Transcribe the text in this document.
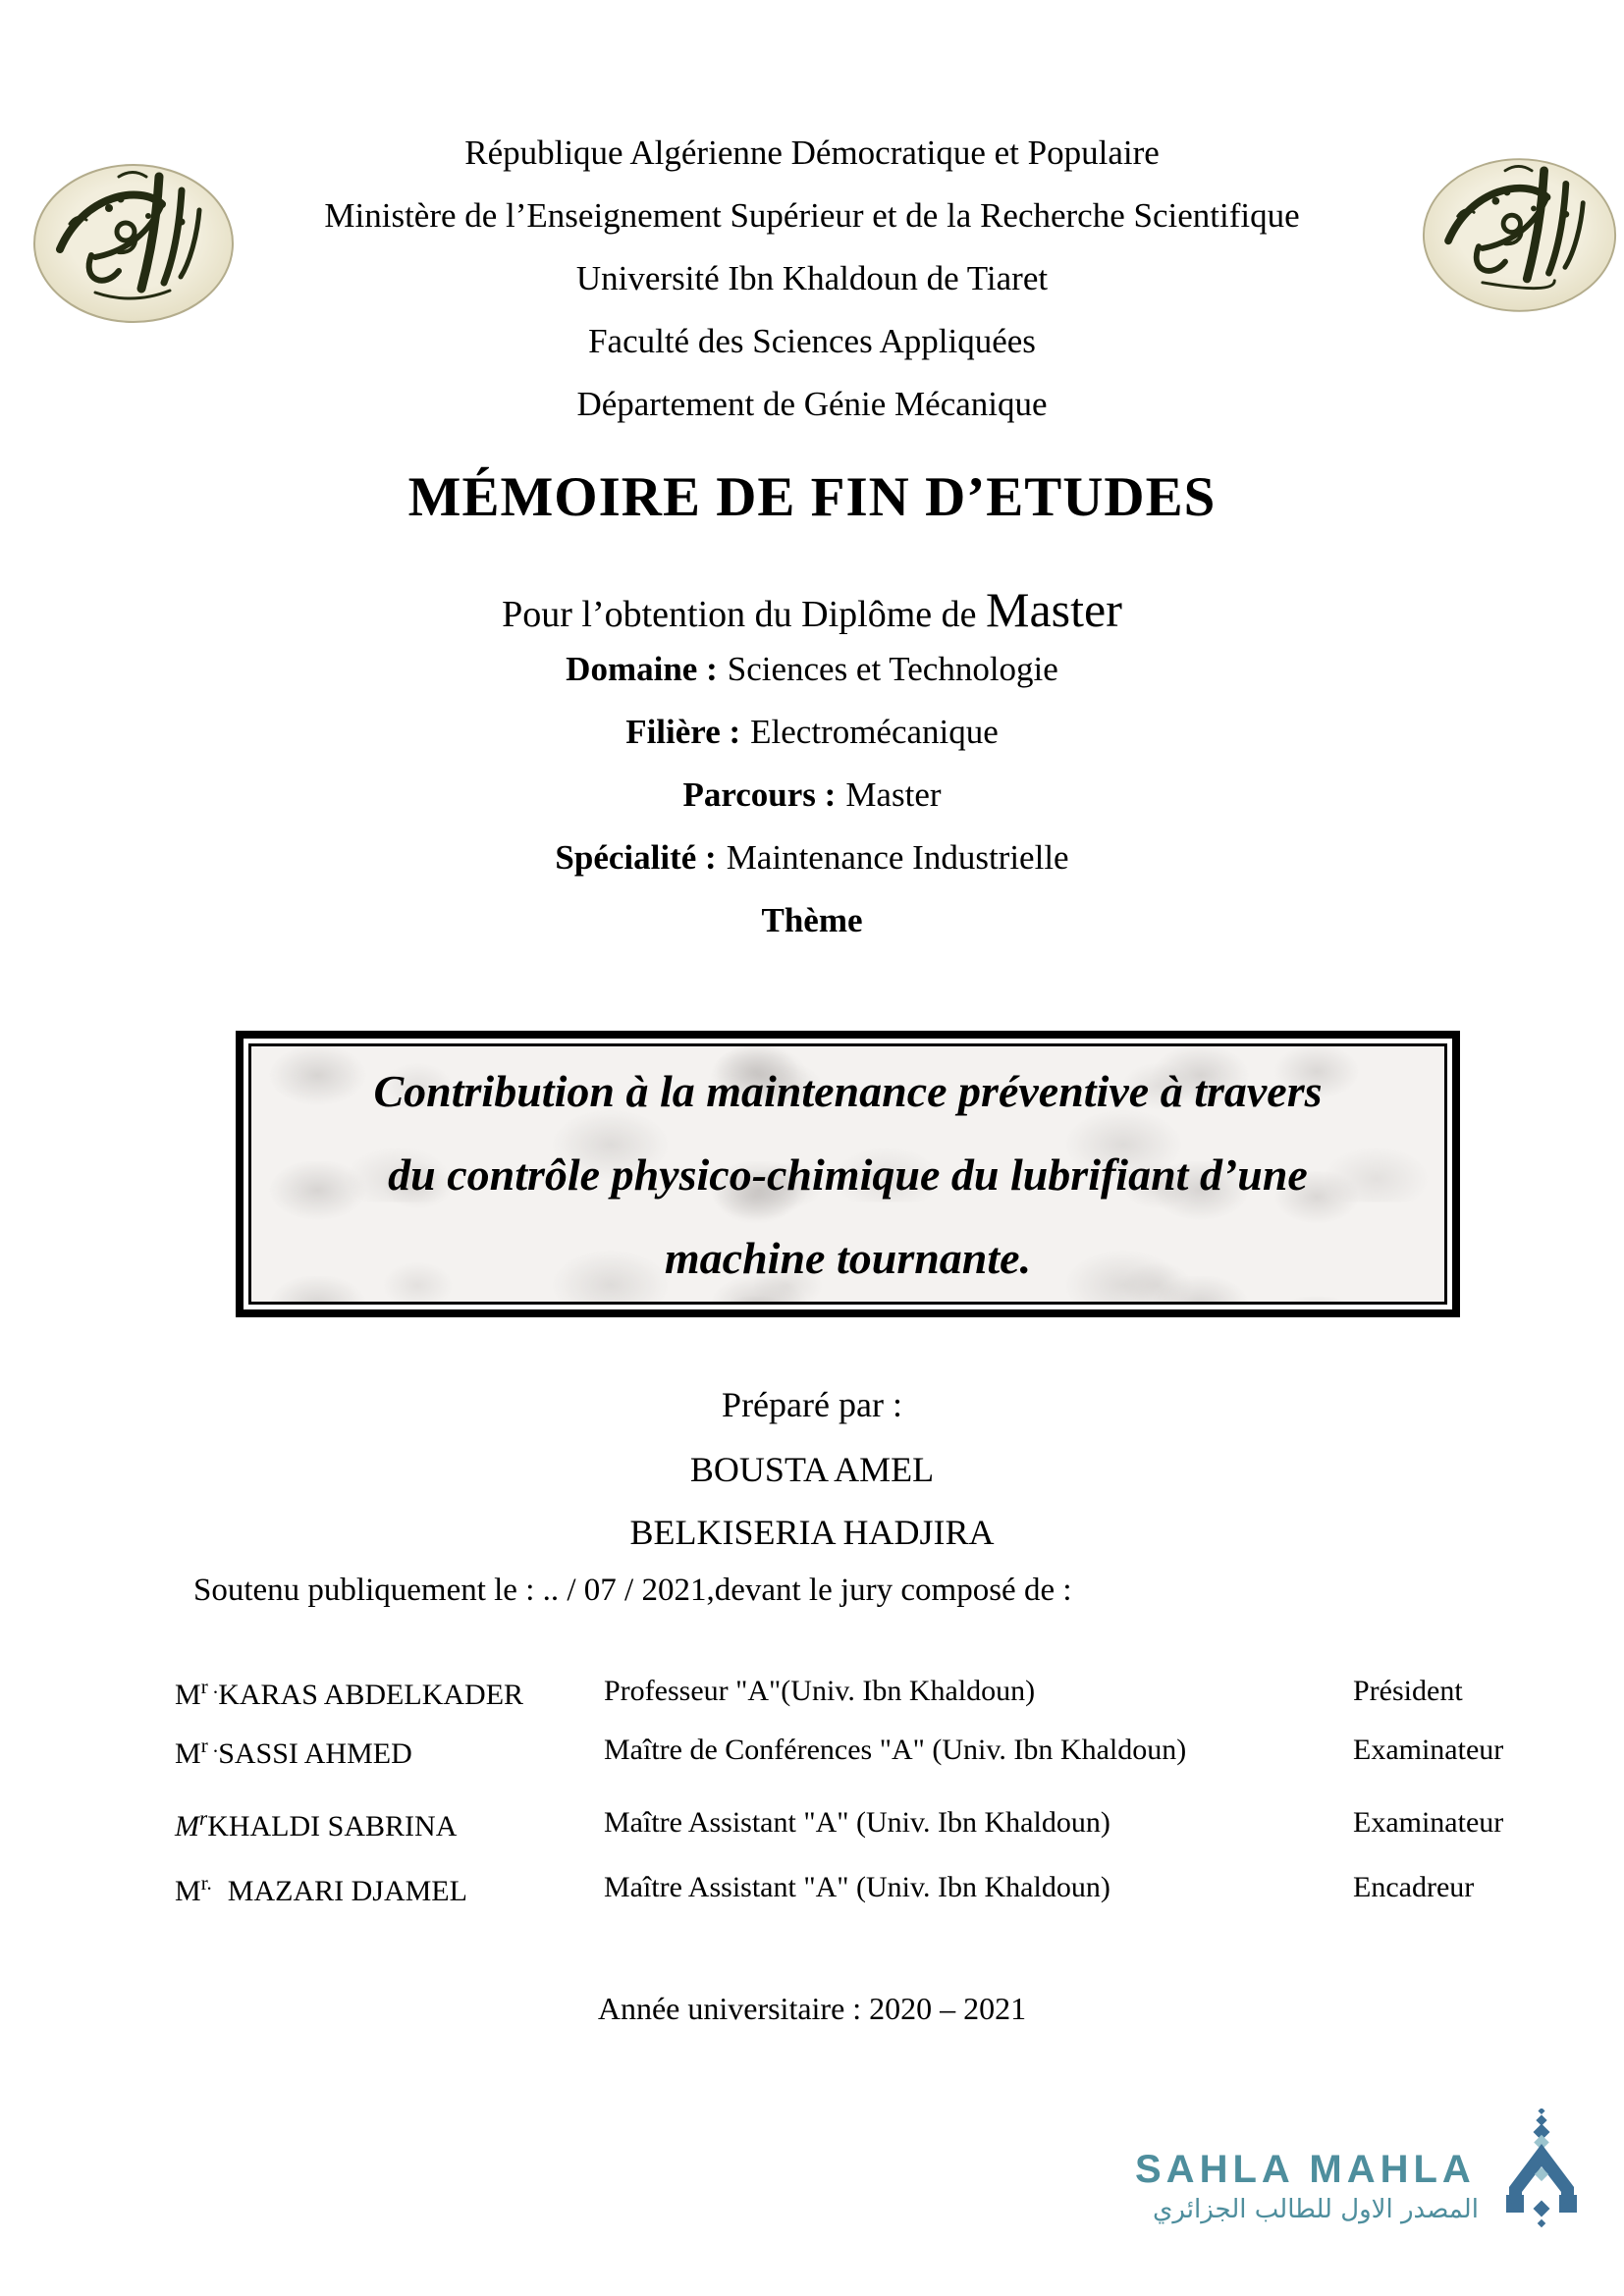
République Algérienne Démocratique et Populaire
Ministère de l’Enseignement Supérieur et de la Recherche Scientifique
Université Ibn Khaldoun de Tiaret
Faculté des Sciences Appliquées
Département de Génie Mécanique
MÉMOIRE DE FIN D’ETUDES
Pour l’obtention du Diplôme de Master
Domaine : Sciences et Technologie
Filière : Electromécanique
Parcours : Master
Spécialité : Maintenance Industrielle
Thème
Contribution à la maintenance préventive à travers
du contrôle physico-chimique du lubrifiant d’une
machine tournante.
Préparé par :
BOUSTA AMEL
BELKISERIA HADJIRA
Soutenu publiquement le : .. / 07 / 2021,devant le jury composé de :
$M^{r .}KARAS$ ABDELKADER	Professeur "A"(Univ. Ibn Khaldoun)	Président
$M^{r .}SASSI$ AHMED	Maître de Conférences "A" (Univ. Ibn Khaldoun)	Examinateur
$M^rKHALDI$ SABRINA	Maître Assistant "A" (Univ. Ibn Khaldoun)	Examinateur
$M^{r.}$ MAZARI DJAMEL	Maître Assistant "A" (Univ. Ibn Khaldoun)	Encadreur
Année universitaire : 2020 – 2021
SAHLA MAHLA
المصدر الاول للطالب الجزائري
